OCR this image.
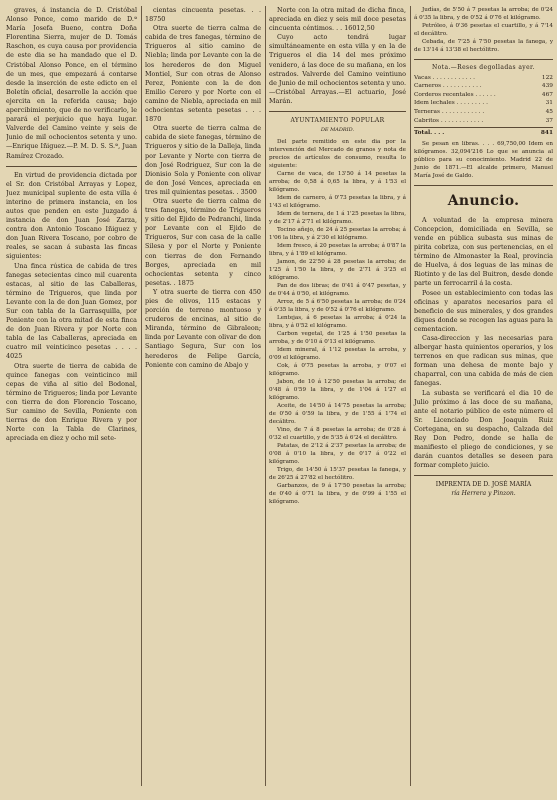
graves, á instancia de D. Cristóbal Alonso Ponce, como marido de D.ª María Josefa Bueno, contra Doña Florentina Sierra, mujer de D. Tomás Raschon, es cuya causa por providencia de este dia se ha mandado que el D. Cristóbal Alonso Ponce, en el término de un mes, que empezará á contarse desde la inserción de este edicto en el Boletín oficial, desarrolle la acción que ejercita en la referida causa; bajo apercibimiento, que de no verificarlo, le parará el perjuicio que haya lugar. Valverde del Camino veinte y seis de Junio de mil ochocientos setenta y uno.—Enrique Iñiguez.—P. M. D. S. S.ª, Juan Ramírez Crozado.

En virtud de providencia dictada por el Sr. don Cristóbal Arrayas y Lopez, Juez municipal suplente de esta villa é interino de primera instancia, en los autos que penden en este Juzgado á instancia de don Juan José Zarza, contra don Antonio Toscano Iñiguez y don Juan Rivera Toscano, por cobro de reales, se sacan á subasta las fincas siguientes:

Una finca rústica de cabida de tres fanegas setecientas cinco mil cuarenta estacas, al sitio de las Caballeras, término de Trigueros, que linda por Levante con la de don Juan Gomez, por Sur con tabla de la Garrasquilla, por Poniente con la otra mitad de esta finca de don Juan Rivera y por Norte con tabla de las Caballeras, apreciada en cuatro mil veinticinco pesetas . . . . 4025

Otra suerte de tierra de cabida de quince fanegas con veinticinco mil cepas de viña al sitio del Bodonal, término de Trigueros; linda por Levante con tierra de don Florencio Toscano, Sur camino de Sevilla, Poniente con tierras de don Enrique Rivera y por Norte con la Tabla de Clarines, apreciada en diez y ocho mil sete-

cientas cincuenta pesetas. . . 18750

Otra suerte de tierra calma de cabida de tres fanegas, término de Trigueros al sitio camino de Niebla; linda por Levante con la de los herederos de don Miguel Montiel, Sur con otras de Alonso Perez, Poniente con la de don Emilio Cerero y por Norte con el camino de Niebla, apreciada en mil ochocientas setenta pesetas . . . 1870

Otra suerte de tierra calma de cabida de siete fanegas, término de Trigueros y sitio de la Dalleja, linda por Levante y Norte con tierra de don José Rodriguez, Sur con la de Dionisio Sola y Poniente con olivar de don José Vences, apreciada en tres mil quinientas pesetas. . 3500

Otra suerte de tierra calma de tres fanegas, término de Trigueros y sitio del Ejido de Pedranchi, linda por Levante con el Ejido de Trigueros, Sur con casa de la calle Silesa y por el Norte y Poniente con tierras de don Fernando Borges, apreciada en mil ochocientas setenta y cinco pesetas. . 1875

Y otra suerte de tierra con 450 pies de olivos, 115 estacas y porción de terreno montuoso y cruderos de encinas, al sitio de Miranda, término de Gibraleon; linda por Levante con olivar de don Santiago Segura, Sur con los herederos de Felipe García, Poniente con camino de Abajo y

Norte con la otra mitad de dicha finca, apreciada en diez y seis mil doce pesetas cincuenta céntimos. . . 16012,50

Cuyo acto tendrá lugar simultáneamente en esta villa y en la de Trigueros el dia 14 del mes próximo venidero, á las doce de su mañana, en los estrados. Valverde del Camino veintiuno de Junio de mil ochocientos setenta y uno.—Cristóbal Arrayas.—El actuario, José Marán.

AYUNTAMIENTO POPULAR
DE MADRID.

Del parte remitido en este dia por la intervención del Mercado de granos y nota de precios de artículos de consumo, resulta lo siguiente:

Carne de vaca, de 13'50 á 14 pesetas la arroba; de 0,58 á 0,65 la libra, y á 1'53 el kilógramo.

Idem de carnero, á 0'73 pesetas la libra, y á 1'43 el kilógramo.

Idem de ternera, de 1 á 1'25 pesetas la libra, y de 2'17 á 2'71 el kilógramo.

Tocino añejo, de 24 á 25 pesetas la arroba; á 1'06 la libra, y á 2'30 el kilógramo.

Idem fresco, á 20 pesetas la arroba; á 0'87 la libra, y á 1'89 el kilógramo.

Jamon, de 22'50 á 28 pesetas la arroba; de 1'25 á 1'50 la libra, y de 2'71 á 3'25 el kilógramo.

Pan de dos libras; de 0'41 á 0'47 pesetas, y de 0'44 á 0'50, el kilógramo.

Arroz, de 5 á 6'50 pesetas la arroba; de 0'24 á 0'35 la libra, y de 0'52 á 0'76 el kilógramo.

Lentejas, á 6 pesetas la arroba; á 0'24 la libra, y á 0'52 el kilógramo.

Carbon vegetal, de 1'25 á 1'50 pesetas la arroba, y de 0'10 á 0'13 el kilógramo.

Idem mineral, á 1'12 pesetas la arroba, y 0'09 el kilógramo.

Cok, á 0'75 pesetas la arroba, y 0'07 el kilógramo.

Jabon, de 10 á 12'50 pesetas la arroba; de 0'48 á 0'59 la libra, y de 1'04 á 1'27 el kilógramo.

Aceite, de 14'50 á 14'75 pesetas la arroba; de 0'50 á 0'59 la libra, y de 1'55 á 1'74 el decálitro.

Vino, de 7 á 8 pesetas la arroba; de 0'28 á 0'32 el cuartillo, y de 5'35 á 6'24 el decálitro.

Patatas, de 2'12 á 2'37 pesetas la arroba; de 0'08 á 0'10 la libra, y de 0'17 á 0'22 el kilógramo.

Trigo, de 14'50 á 15'37 pesetas la fanega, y de 26'25 á 27'82 el hectólitro.

Garbanzos, de 9 á 17'50 pesetas la arroba; de 0'40 á 0'71 la libra, y de 0'99 á 1'55 el kilógramo.

Judías, de 5'50 á 7 pesetas la arroba; de 0'24 á 0'35 la libra, y de 0'52 á 0'76 el kilógramo.

Petróleo, á 0'36 pesetas el cuartillo, y á 7'14 el decálitro.

Cebada, de 7'25 á 7'50 pesetas la fanega, y de 13'14 á 13'38 el hectólitro.

Nota.—Reses degolladas ayer.
Vacas . . . . . . . . . . . .	122
Carneros . . . . . . . . . . .	439
Corderos recentales . . . . . .	467
Idem lechales . . . . . . . . .	31
Terneras . . . . . . . . . . . .	45
Cabritos . . . . . . . . . . . .	37
Total. . . .	841

Se pesan en libras. . . . 69,750,00 Idem en kilógramos. 32,094'216 Lo que se anuncia al público para su conocimiento. Madrid 22 de Junio de 1871.—El alcalde primero, Manuel María José de Galdo.

Anuncio.

A voluntad de la empresa minera Concepcion, domiciliada en Sevilla, se vende en pública subasta sus minas de pirita cobriza, con sus pertenencias, en el término de Almonaster la Real, provincia de Huelva, á dos leguas de las minas de Riotinto y de las del Buitron, desde donde parte un ferrocarril á la costa.

Posee un establecimiento con todas las oficinas y aparatos necesarios para el beneficio de sus minerales, y dos grandes diques donde se recogen las aguas para la cementacion.

Casa-direccion y las necesarias para albergar hasta quinientos operarios, y los terrenos en que radican sus minas, que forman una dehesa de monte bajo y chaparral, con una cabida de más de cien fanegas.

La subasta se verificará el dia 10 de Julio próximo á las doce de su mañana, ante el notario público de este número el Sr. Licenciado Don Joaquin Ruiz Cortegana, en su despacho, Calzada del Rey Don Pedro, donde se halla de manifiesto el pliego de condiciones, y se darán cuantos detalles se deseen para formar completo juicio.

IMPRENTA DE D. JOSÉ MARÍA
ría Herrera y Pinzon.
